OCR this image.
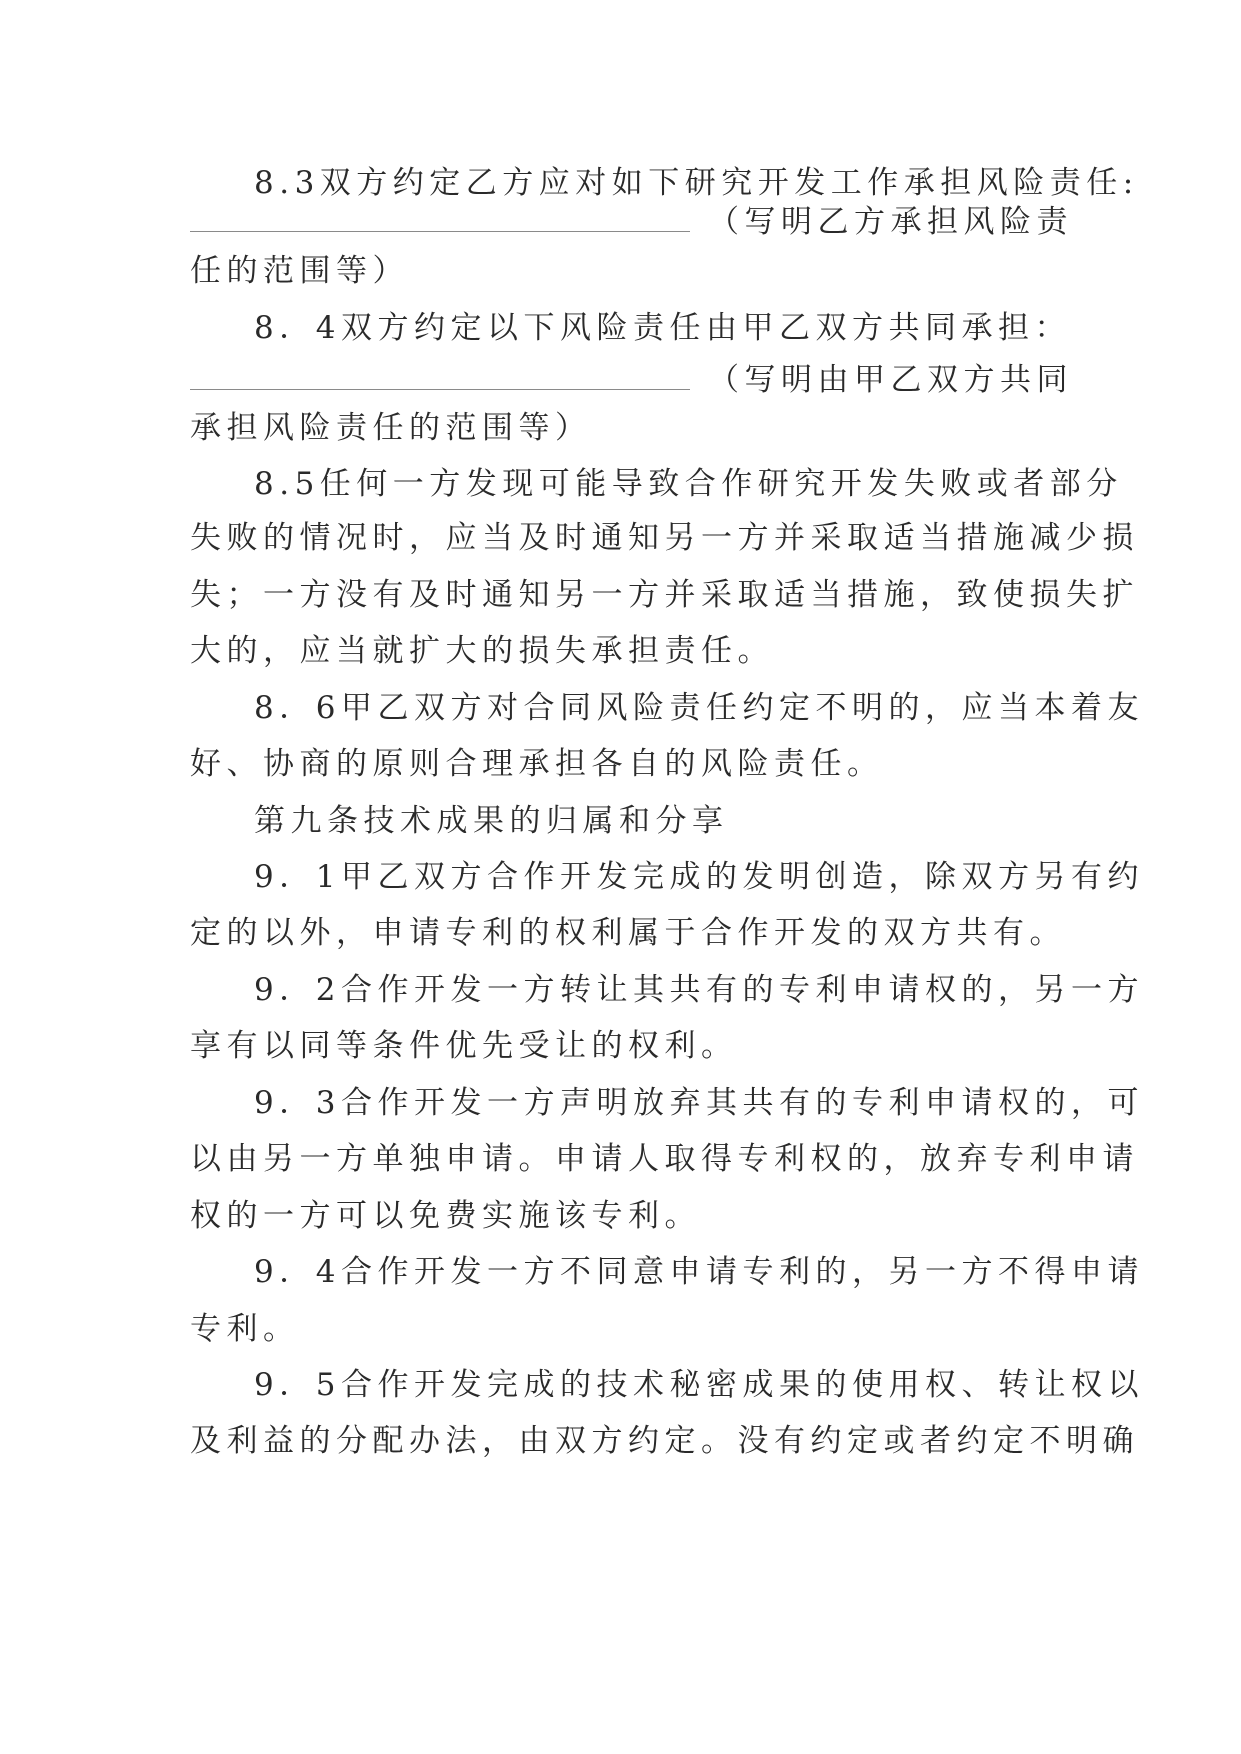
8.3双方约定乙方应对如下研究开发工作承担风险责任:
（写明乙方承担风险责
任的范围等）
8．4双方约定以下风险责任由甲乙双方共同承担：
（写明由甲乙双方共同
承担风险责任的范围等）
8.5任何一方发现可能导致合作研究开发失败或者部分
失败的情况时，应当及时通知另一方并采取适当措施减少损
失；一方没有及时通知另一方并采取适当措施，致使损失扩
大的，应当就扩大的损失承担责任。
8．6甲乙双方对合同风险责任约定不明的，应当本着友
好、协商的原则合理承担各自的风险责任。
第九条技术成果的归属和分享
9．1甲乙双方合作开发完成的发明创造，除双方另有约
定的以外，申请专利的权利属于合作开发的双方共有。
9．2合作开发一方转让其共有的专利申请权的，另一方
享有以同等条件优先受让的权利。
9．3合作开发一方声明放弃其共有的专利申请权的，可
以由另一方单独申请。申请人取得专利权的，放弃专利申请
权的一方可以免费实施该专利。
9．4合作开发一方不同意申请专利的，另一方不得申请
专利。
9．5合作开发完成的技术秘密成果的使用权、转让权以
及利益的分配办法，由双方约定。没有约定或者约定不明确
